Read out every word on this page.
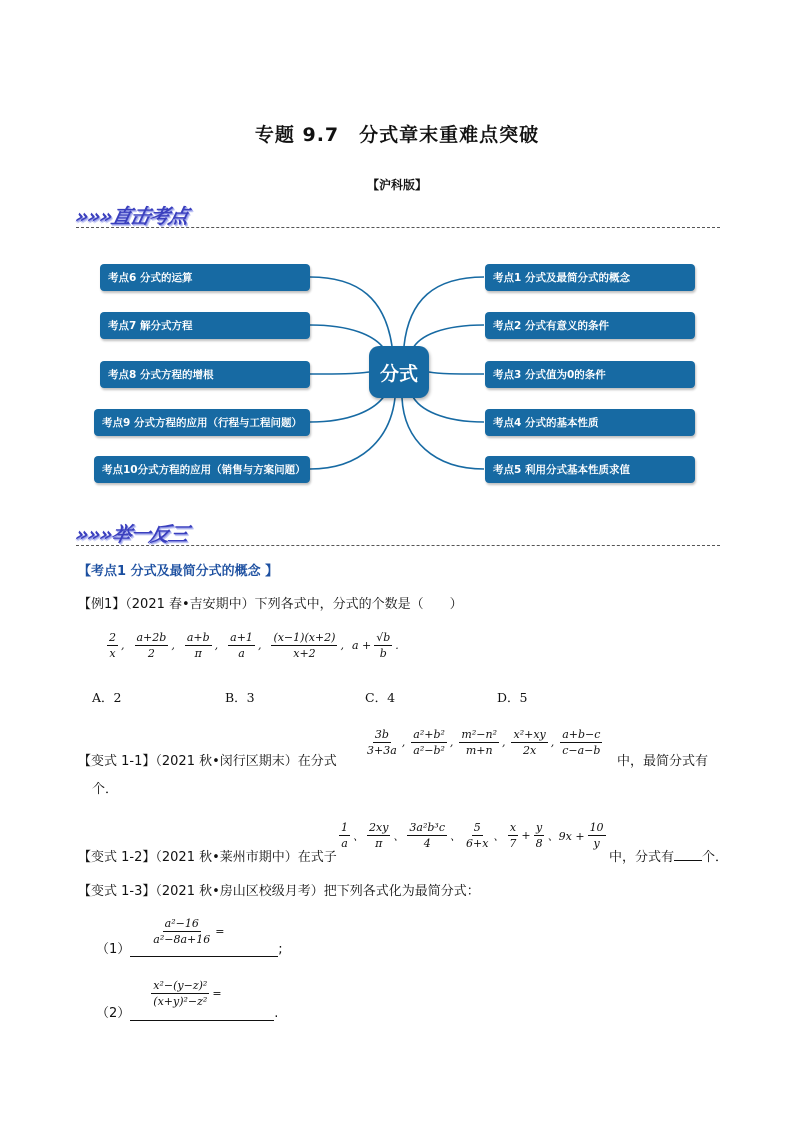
专题 9.7　分式章末重难点突破
【沪科版】
»»»直击考点
考点6 分式的运算
考点7 解分式方程
考点8 分式方程的增根
考点9 分式方程的应用（行程与工程问题）
考点10分式方程的应用（销售与方案问题）
分式
考点1 分式及最简分式的概念
考点2 分式有意义的条件
考点3 分式值为0的条件
考点4 分式的基本性质
考点5 利用分式基本性质求值
»»»举一反三
【考点1 分式及最简分式的概念 】
【例1】（2021 春•吉安期中）下列各式中，分式的个数是（　　）
$\frac{2}{x}$ , $\frac{a+2b}{2}$ , $\frac{a+b}{\pi}$ , $\frac{a+1}{a}$ , $\frac{(x-1)(x+2)}{x+2}$ , $a + \frac{√b}{b}$ .
A．2	B．3	C．4	D．5
【变式 1-1】（2021 秋•闵行区期末）在分式
$\frac{3b}{3+3a}$ , $\frac{\text{a²+b²}}{\text{a²−b²}}$ , $\frac{\text{m²−n²}}{m+n}$ , $\frac{\text{x²+xy}}{2x}$ , $\frac{a+b-c}{c-a-b}$
中，最简分式有
个．
【变式 1-2】（2021 秋•莱州市期中）在式子
$\frac{1}{a}$ 、 $\frac{2xy}{\pi}$ 、 $\frac{\text{3a²b³c}}{4}$ 、 $\frac{5}{6+x}$ 、 $\frac{x}{7} + \frac{y}{8}$ 、$9x + \frac{10}{y}$
中，分式有 个．
【变式 1-3】（2021 秋•房山区校级月考）把下列各式化为最简分式：
（1）
$\frac{\text{a²−16}}{\text{a²−8a+16}}$ =
;
（2）
$\frac{\text{x²−(y−z)²}}{\text{(x+y)²−z²}}$ =
.
